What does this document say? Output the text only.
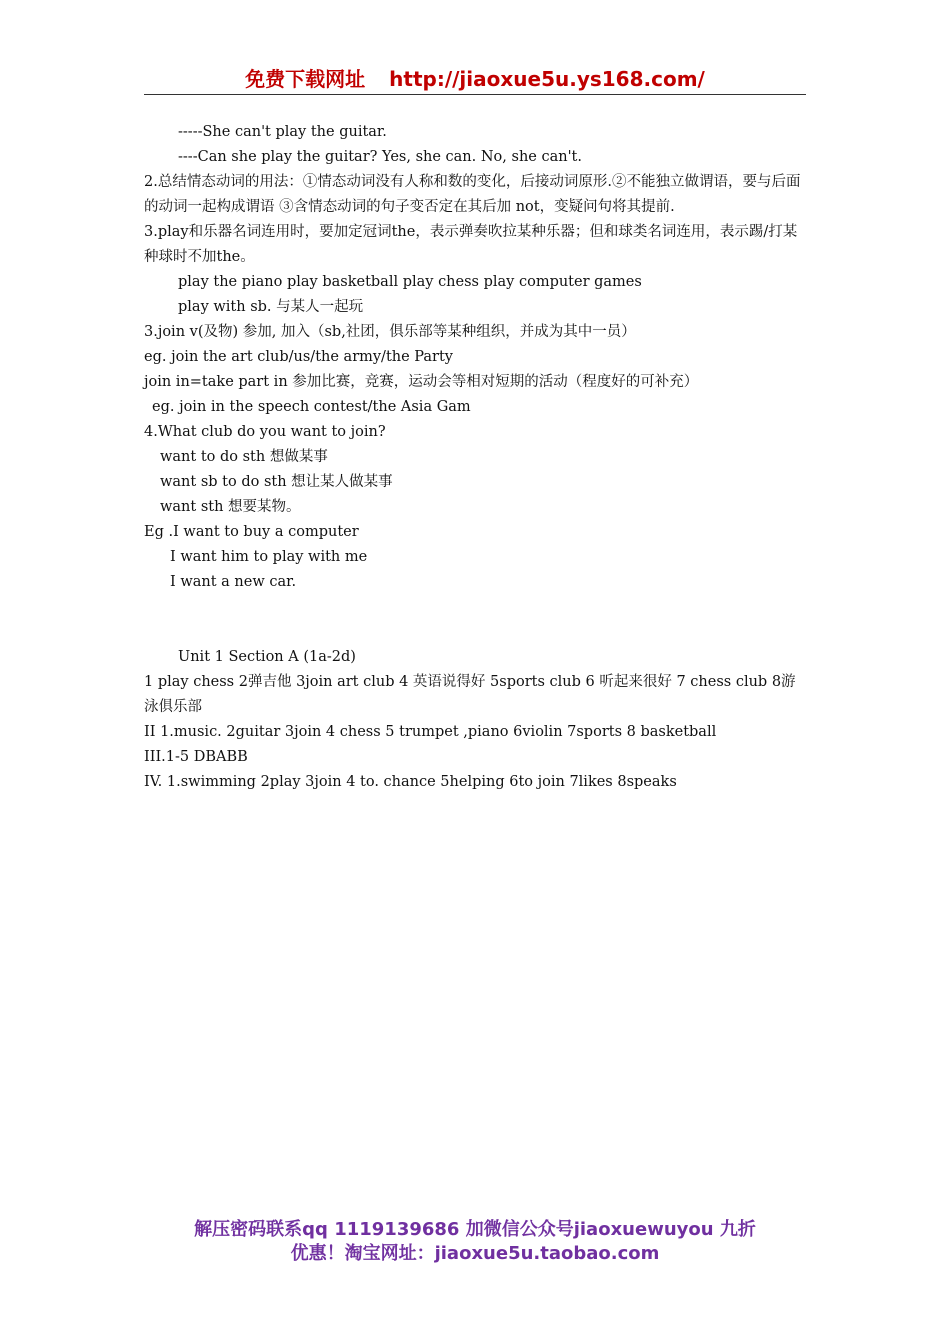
免费下载网址 http://jiaoxue5u.ys168.com/
-----She can't play the guitar.
----Can she play the guitar? Yes, she can. No, she can't.
2.总结情态动词的用法：①情态动词没有人称和数的变化，后接动词原形.②不能独立做谓语，要与后面的动词一起构成谓语 ③含情态动词的句子变否定在其后加 not，变疑问句将其提前.
3.play和乐器名词连用时，要加定冠词the，表示弹奏吹拉某种乐器；但和球类名词连用，表示踢/打某种球时不加the。
play the piano play basketball play chess play computer games
play with sb. 与某人一起玩
3.join v(及物) 参加, 加入（sb,社团，俱乐部等某种组织，并成为其中一员）
eg. join the art club/us/the army/the Party
join in=take part in 参加比赛，竞赛，运动会等相对短期的活动（程度好的可补充）
eg. join in the speech contest/the Asia Gam
4.What club do you want to join?
want to do sth 想做某事
want sb to do sth 想让某人做某事
want sth 想要某物。
Eg .I want to buy a computer
I want him to play with me
I want a new car.
Unit 1 Section A (1a-2d)
1 play chess 2弹吉他 3join art club 4 英语说得好 5sports club 6 听起来很好 7 chess club 8游泳俱乐部
II 1.music. 2guitar 3join 4 chess 5 trumpet ,piano 6violin 7sports 8 basketball
III.1-5 DBABB
IV. 1.swimming 2play 3join 4 to. chance 5helping 6to join 7likes 8speaks
解压密码联系qq 1119139686 加微信公众号jiaoxuewuyou 九折
优惠！淘宝网址：jiaoxue5u.taobao.com
